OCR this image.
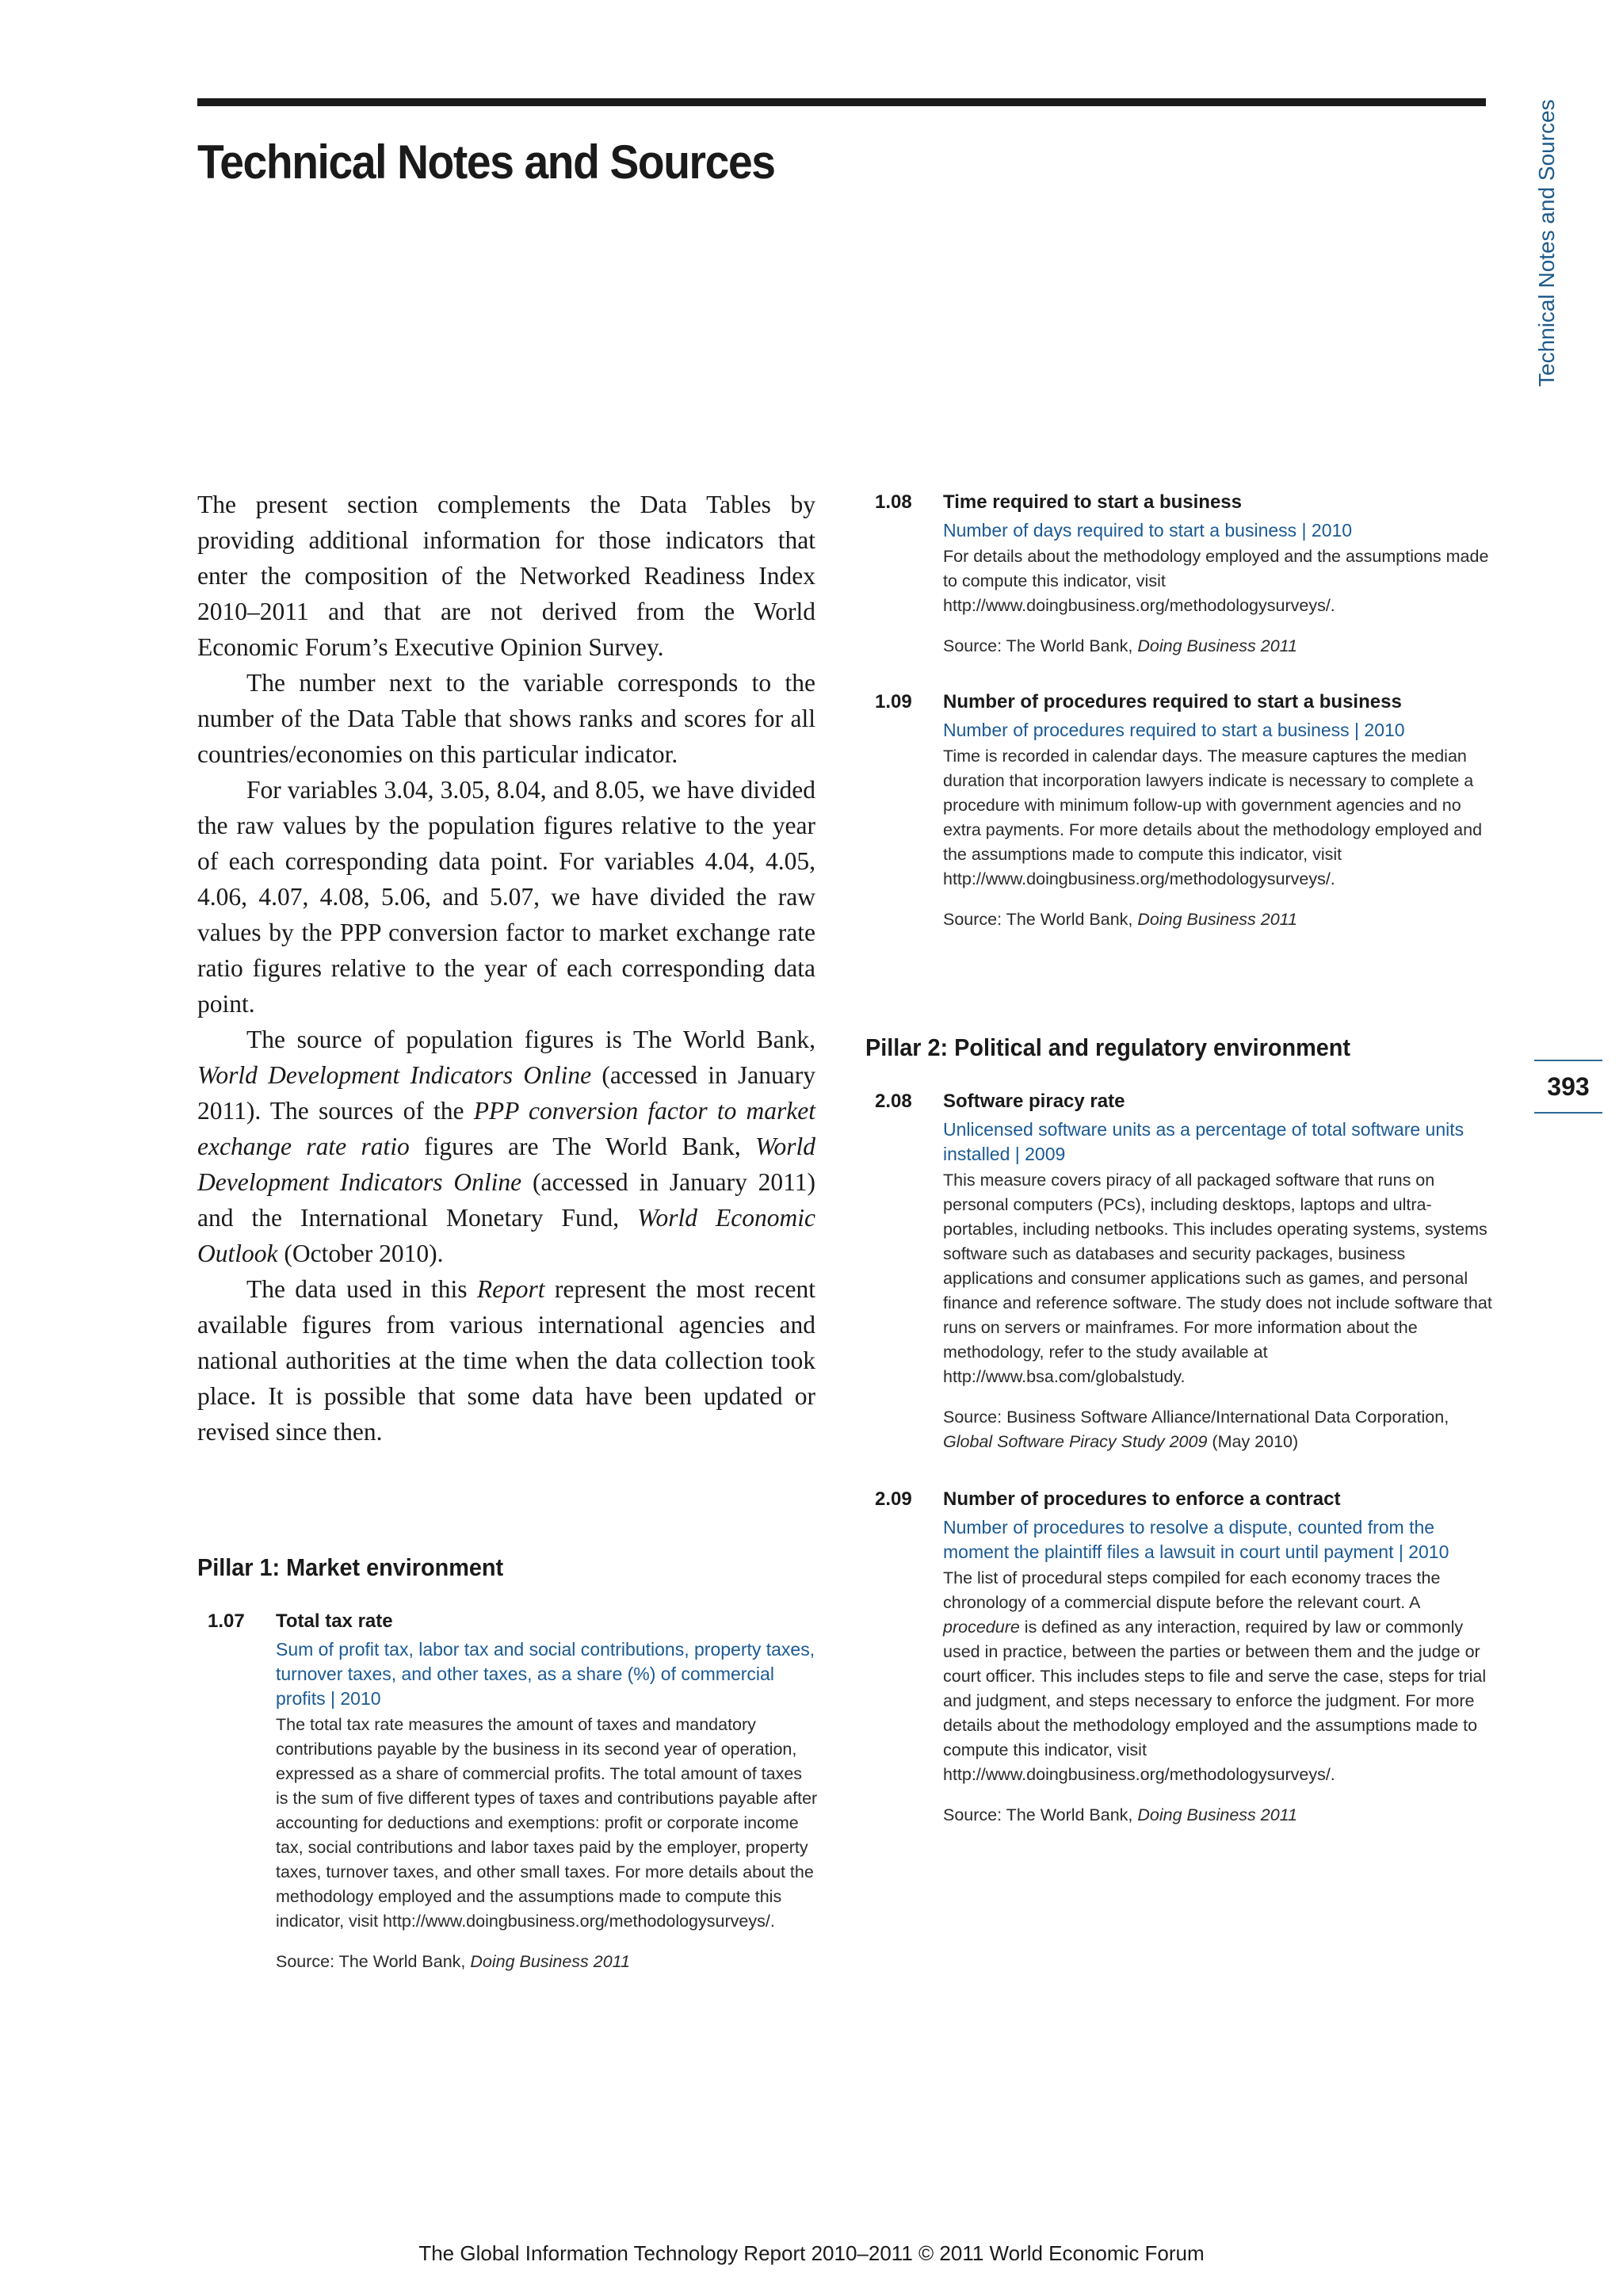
Technical Notes and Sources	Technical Notes and Sources
393

The present section complements the Data Tables by providing additional information for those indicators that enter the composition of the Networked Readiness Index 2010–2011 and that are not derived from the World Economic Forum’s Executive Opinion Survey.

The number next to the variable corresponds to the number of the Data Table that shows ranks and scores for all countries/economies on this particular indicator.

For variables 3.04, 3.05, 8.04, and 8.05, we have divided the raw values by the population figures relative to the year of each corresponding data point. For variables 4.04, 4.05, 4.06, 4.07, 4.08, 5.06, and 5.07, we have divided the raw values by the PPP conversion factor to market exchange rate ratio figures relative to the year of each corresponding data point.

The source of population figures is The World Bank, World Development Indicators Online (accessed in January 2011). The sources of the PPP conversion factor to market exchange rate ratio figures are The World Bank, World Development Indicators Online (accessed in January 2011) and the International Monetary Fund, World Economic Outlook (October 2010).

The data used in this Report represent the most recent available figures from various international agencies and national authorities at the time when the data collection took place. It is possible that some data have been updated or revised since then.

Pillar 1: Market environment
1.07 Total tax rate

Sum of profit tax, labor tax and social contributions, property taxes, turnover taxes, and other taxes, as a share (%) of commercial profits | 2010

The total tax rate measures the amount of taxes and mandatory contributions payable by the business in its second year of operation, expressed as a share of commercial profits. The total amount of taxes is the sum of five different types of taxes and contributions payable after accounting for deductions and exemptions: profit or corporate income tax, social contributions and labor taxes paid by the employer, property taxes, turnover taxes, and other small taxes. For more details about the methodology employed and the assumptions made to compute this indicator, visit http://www.doingbusiness.org/methodologysurveys/.

Source: The World Bank, Doing Business 2011

1.08 Time required to start a business

Number of days required to start a business | 2010

For details about the methodology employed and the assumptions made to compute this indicator, visit http://www.doingbusiness.org/methodologysurveys/.

Source: The World Bank, Doing Business 2011

1.09 Number of procedures required to start a business

Number of procedures required to start a business | 2010

Time is recorded in calendar days. The measure captures the median duration that incorporation lawyers indicate is necessary to complete a procedure with minimum follow-up with government agencies and no extra payments. For more details about the methodology employed and the assumptions made to compute this indicator, visit http://www.doingbusiness.org/methodologysurveys/.

Source: The World Bank, Doing Business 2011

Pillar 2: Political and regulatory environment
2.08 Software piracy rate

Unlicensed software units as a percentage of total software units installed | 2009

This measure covers piracy of all packaged software that runs on personal computers (PCs), including desktops, laptops and ultra-portables, including netbooks. This includes operating systems, systems software such as databases and security packages, business applications and consumer applications such as games, and personal finance and reference software. The study does not include software that runs on servers or mainframes. For more information about the methodology, refer to the study available at http://www.bsa.com/globalstudy.

Source: Business Software Alliance/International Data Corporation, Global Software Piracy Study 2009 (May 2010)

2.09 Number of procedures to enforce a contract

Number of procedures to resolve a dispute, counted from the moment the plaintiff files a lawsuit in court until payment | 2010

The list of procedural steps compiled for each economy traces the chronology of a commercial dispute before the relevant court. A procedure is defined as any interaction, required by law or commonly used in practice, between the parties or between them and the judge or court officer. This includes steps to file and serve the case, steps for trial and judgment, and steps necessary to enforce the judgment. For more details about the methodology employed and the assumptions made to compute this indicator, visit http://www.doingbusiness.org/methodologysurveys/.

Source: The World Bank, Doing Business 2011

The Global Information Technology Report 2010–2011 © 2011 World Economic Forum
